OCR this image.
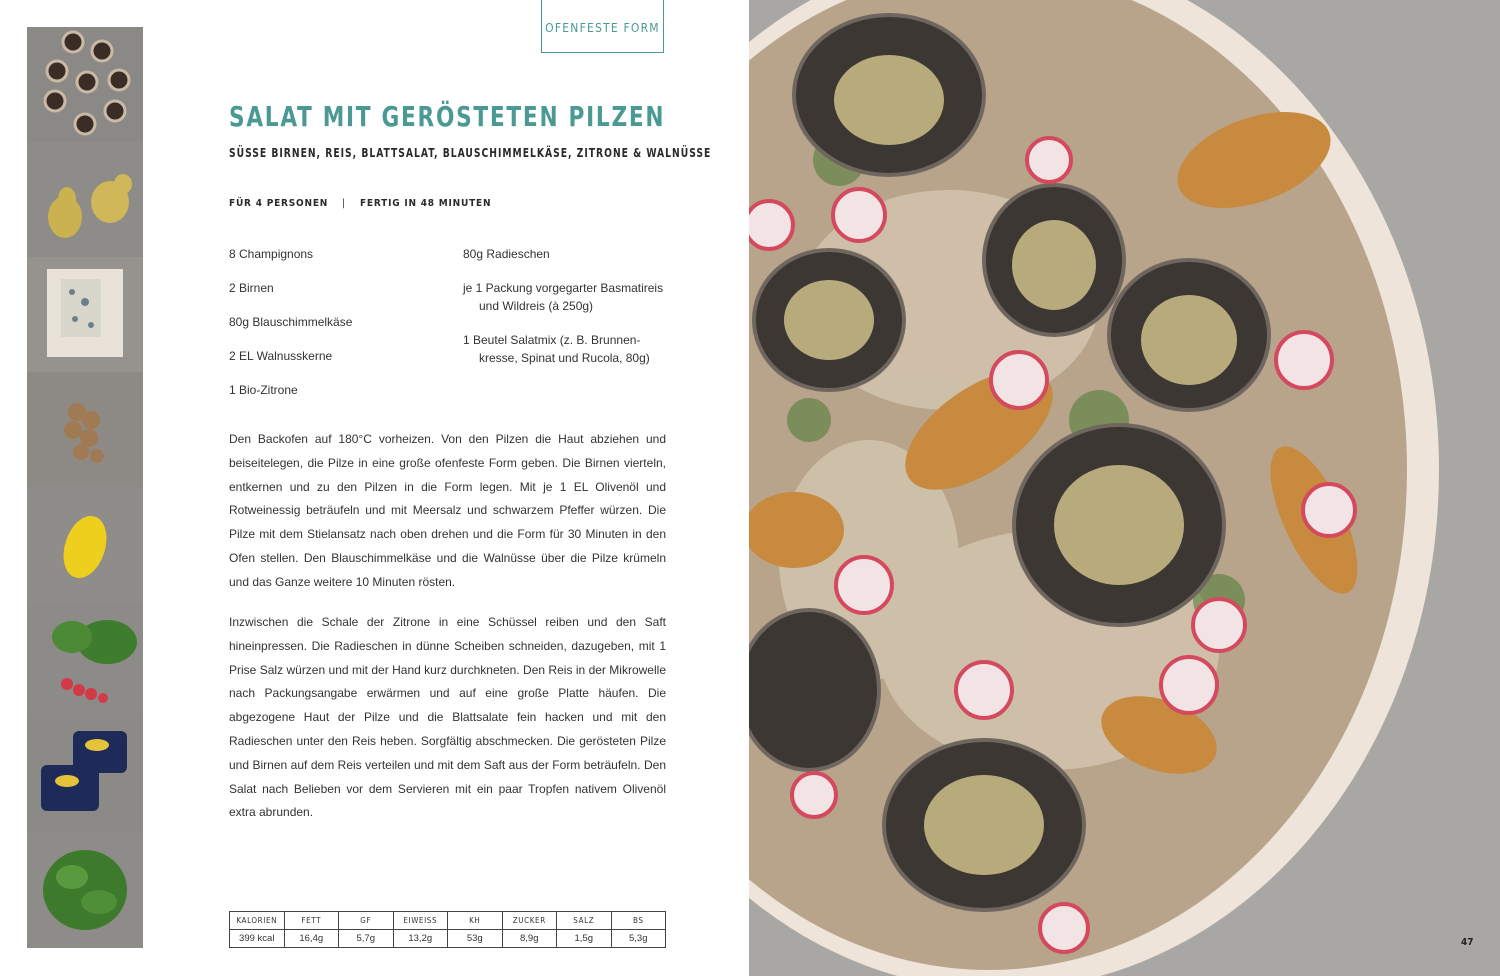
OFENFESTE FORM
SALAT MIT GERÖSTETEN PILZEN
SÜSSE BIRNEN, REIS, BLATTSALAT, BLAUSCHIMMELKÄSE, ZITRONE & WALNÜSSE
FÜR 4 PERSONEN | FERTIG IN 48 MINUTEN
8 Champignons
2 Birnen
80g Blauschimmelkäse
2 EL Walnusskerne
1 Bio-Zitrone
80g Radieschen
je 1 Packung vorgegarter Basmatireis
und Wildreis (à 250g)
1 Beutel Salatmix (z. B. Brunnen-
kresse, Spinat und Rucola, 80g)

Den Backofen auf 180°C vorheizen. Von den Pilzen die Haut abziehen und beiseitelegen, die Pilze in eine große ofenfeste Form geben. Die Birnen vierteln, entkernen und zu den Pilzen in die Form legen. Mit je 1 EL Olivenöl und Rotweinessig beträufeln und mit Meersalz und schwarzem Pfeffer würzen. Die Pilze mit dem Stielansatz nach oben drehen und die Form für 30 Minuten in den Ofen stellen. Den Blauschimmelkäse und die Walnüsse über die Pilze krümeln und das Ganze weitere 10 Minuten rösten.

Inzwischen die Schale der Zitrone in eine Schüssel reiben und den Saft hineinpressen. Die Radieschen in dünne Scheiben schneiden, dazugeben, mit 1 Prise Salz würzen und mit der Hand kurz durchkneten. Den Reis in der Mikrowelle nach Packungsangabe erwärmen und auf eine große Platte häufen. Die abgezogene Haut der Pilze und die Blattsalate fein hacken und mit den Radieschen unter den Reis heben. Sorgfältig abschmecken. Die gerösteten Pilze und Birnen auf dem Reis verteilen und mit dem Saft aus der Form beträufeln. Den Salat nach Belieben vor dem Servieren mit ein paar Tropfen nativem Olivenöl extra abrunden.

KALORIEN	FETT	GF	EIWEISS	KH	ZUCKER	SALZ	BS
399 kcal	16,4g	5,7g	13,2g	53g	8,9g	1,5g	5,3g	47
